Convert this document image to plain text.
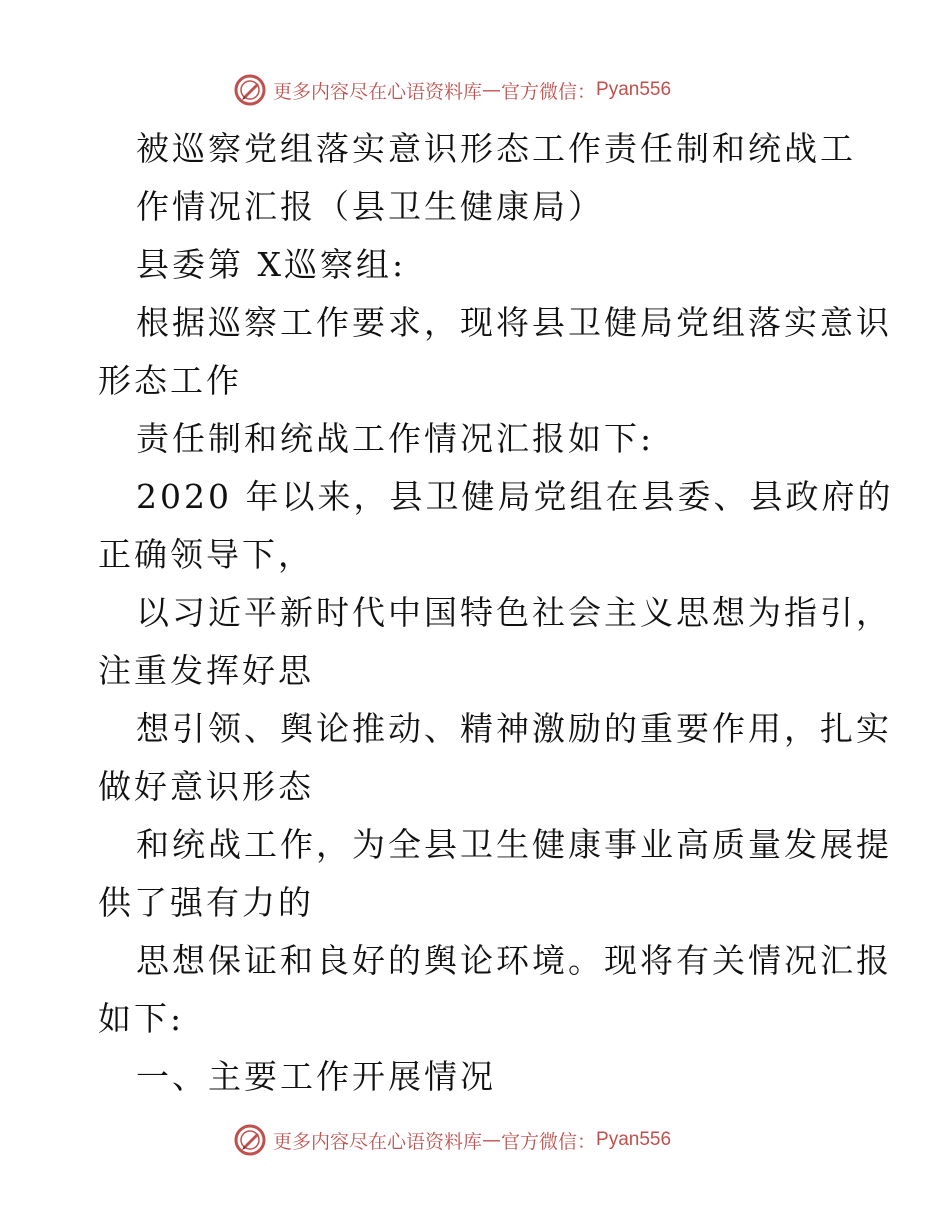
更多内容尽在心语资料库 — 官方微信： Pyan556
被巡察党组落实意识形态工作责任制和统战工
作情况汇报（县卫生健康局）
县委第 X巡察组:
根据巡察工作要求，现将县卫健局党组落实意识
形态工作
责任制和统战工作情况汇报如下:
2020 年以来，县卫健局党组在县委、县政府的
正确领导下，
以习近平新时代中国特色社会主义思想为指引，
注重发挥好思
想引领、舆论推动、精神激励的重要作用，扎实
做好意识形态
和统战工作，为全县卫生健康事业高质量发展提
供了强有力的
思想保证和良好的舆论环境。现将有关情况汇报
如下:
一、主要工作开展情况
更多内容尽在心语资料库 — 官方微信： Pyan556
